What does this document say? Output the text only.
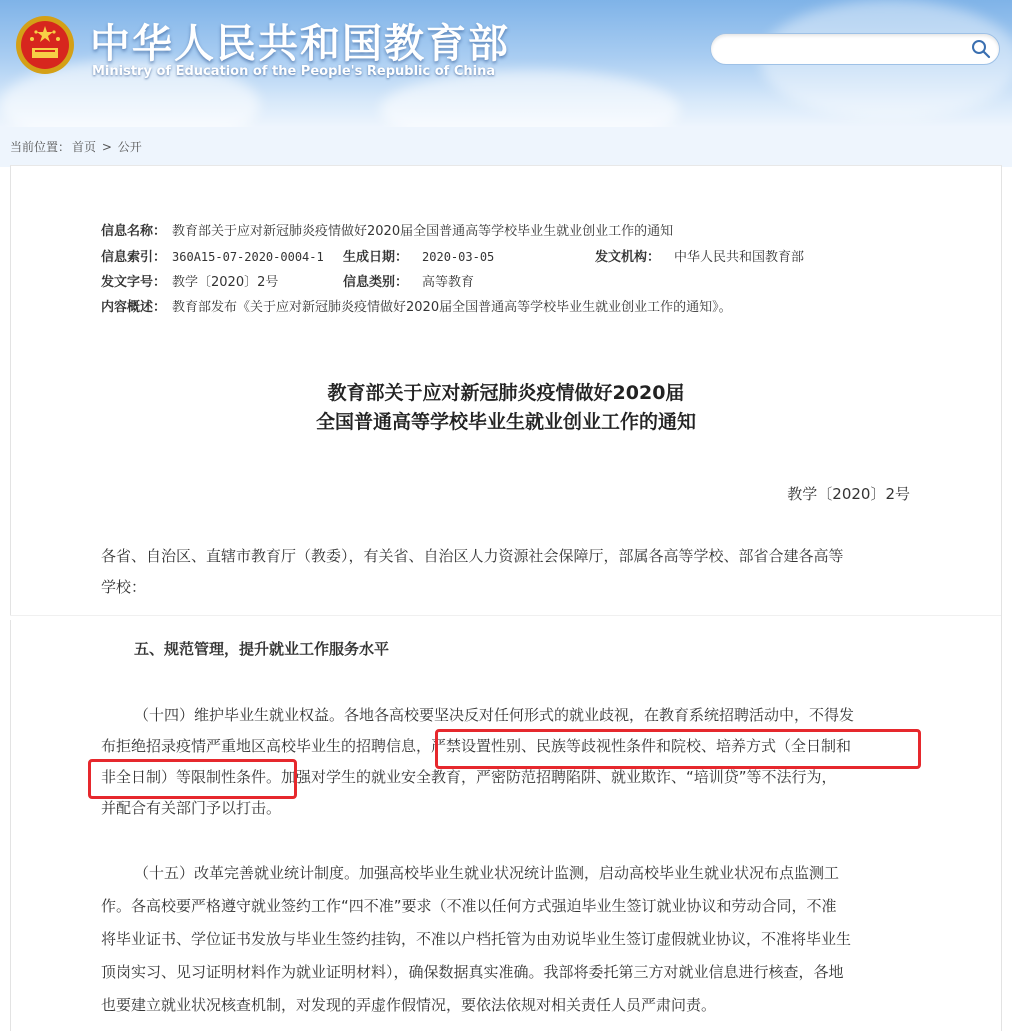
中华人民共和国教育部
Ministry of Education of the People's Republic of China
当前位置： 首页 > 公开
信息名称： 教育部关于应对新冠肺炎疫情做好2020届全国普通高等学校毕业生就业创业工作的通知
信息索引： 360A15-07-2020-0004-1 生成日期： 2020-03-05	发文机构： 中华人民共和国教育部
发文字号： 教学〔2020〕2号	信息类别： 高等教育
内容概述： 教育部发布《关于应对新冠肺炎疫情做好2020届全国普通高等学校毕业生就业创业工作的通知》。
教育部关于应对新冠肺炎疫情做好2020届
全国普通高等学校毕业生就业创业工作的通知
教学〔2020〕2号
各省、自治区、直辖市教育厅（教委），有关省、自治区人力资源社会保障厅，部属各高等学校、部省合建各高等
学校：
五、规范管理，提升就业工作服务水平
（十四）维护毕业生就业权益。各地各高校要坚决反对任何形式的就业歧视，在教育系统招聘活动中，不得发
布拒绝招录疫情严重地区高校毕业生的招聘信息，严禁设置性别、民族等歧视性条件和院校、培养方式（全日制和
非全日制）等限制性条件。加强对学生的就业安全教育，严密防范招聘陷阱、就业欺诈、“培训贷”等不法行为，
并配合有关部门予以打击。
（十五）改革完善就业统计制度。加强高校毕业生就业状况统计监测，启动高校毕业生就业状况布点监测工
作。各高校要严格遵守就业签约工作“四不准”要求（不准以任何方式强迫毕业生签订就业协议和劳动合同，不准
将毕业证书、学位证书发放与毕业生签约挂钩，不准以户档托管为由劝说毕业生签订虚假就业协议，不准将毕业生
顶岗实习、见习证明材料作为就业证明材料），确保数据真实准确。我部将委托第三方对就业信息进行核查，各地
也要建立就业状况核查机制，对发现的弄虚作假情况，要依法依规对相关责任人员严肃问责。
